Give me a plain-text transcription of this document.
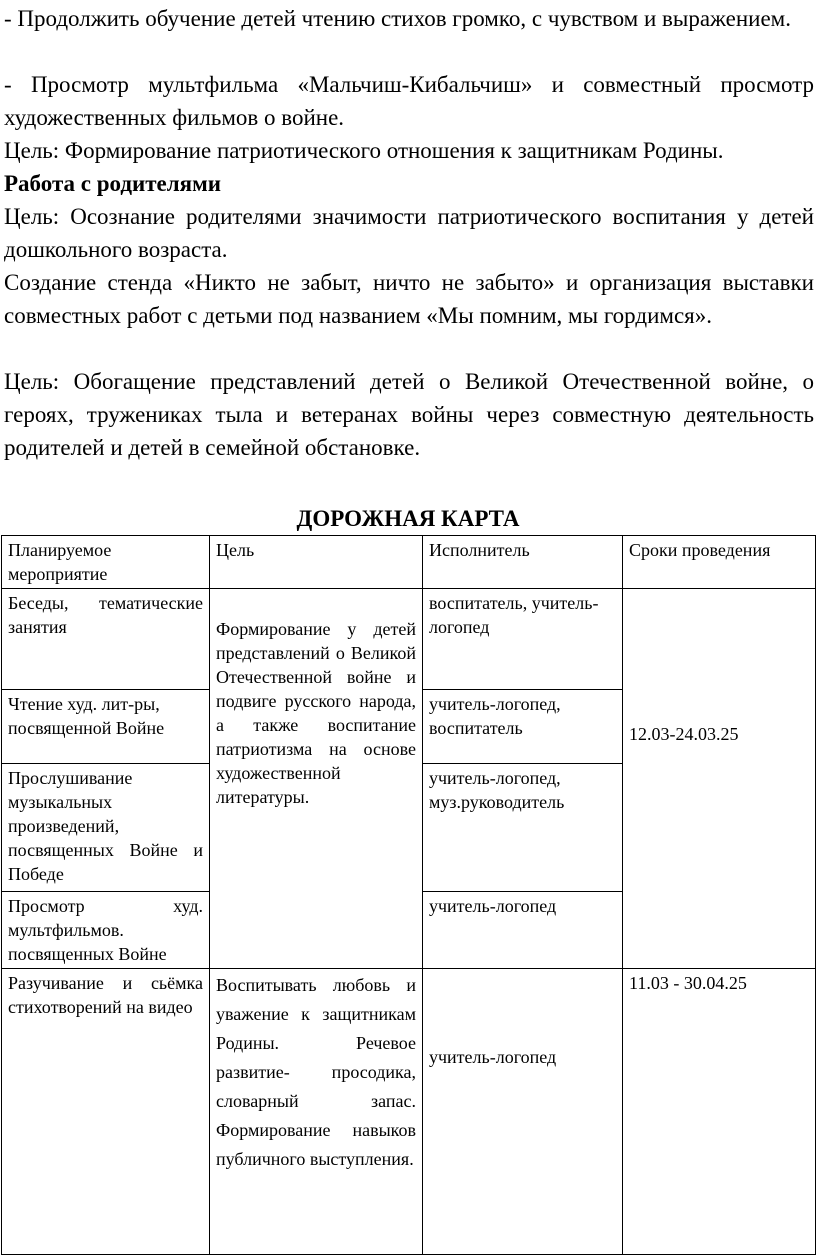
- Продолжить обучение детей чтению стихов громко, с чувством и выражением.

- Просмотр мультфильма «Мальчиш-Кибальчиш» и совместный просмотр художественных фильмов о войне.

Цель: Формирование патриотического отношения к защитникам Родины.

Работа с родителями

Цель: Осознание родителями значимости патриотического воспитания у детей дошкольного возраста.

Создание стенда «Никто не забыт, ничто не забыто» и организация выставки совместных работ с детьми под названием «Мы помним, мы гордимся».

Цель: Обогащение представлений детей о Великой Отечественной войне, о героях, тружениках тыла и ветеранах войны через совместную деятельность родителей и детей в семейной обстановке.

ДОРОЖНАЯ КАРТА
Планируемое мероприятие	Цель	Исполнитель	Сроки проведения

Беседы, тематические занятия	Формирование у детей представлений о Великой Отечественной войне и подвиге русского народа, а также воспитание патриотизма на основе художественной литературы.	воспитатель, учитель-логопед	12.03-24.03.25
Чтение худ. лит-ры, посвященной Войне		учитель-логопед, воспитатель	

Прослушивание музыкальных произведений, посвященных Войне и Победе		учитель-логопед, муз.руководитель	

Просмотр худ. мультфильмов. посвященных Войне		учитель-логопед	

Разучивание и сьёмка стихотворений на видео	Воспитывать любовь и уважение к защитникам Родины. Речевое развитие- просодика, словарный запас. Формирование навыков публичного выступления.	учитель-логопед	11.03 - 30.04.25
